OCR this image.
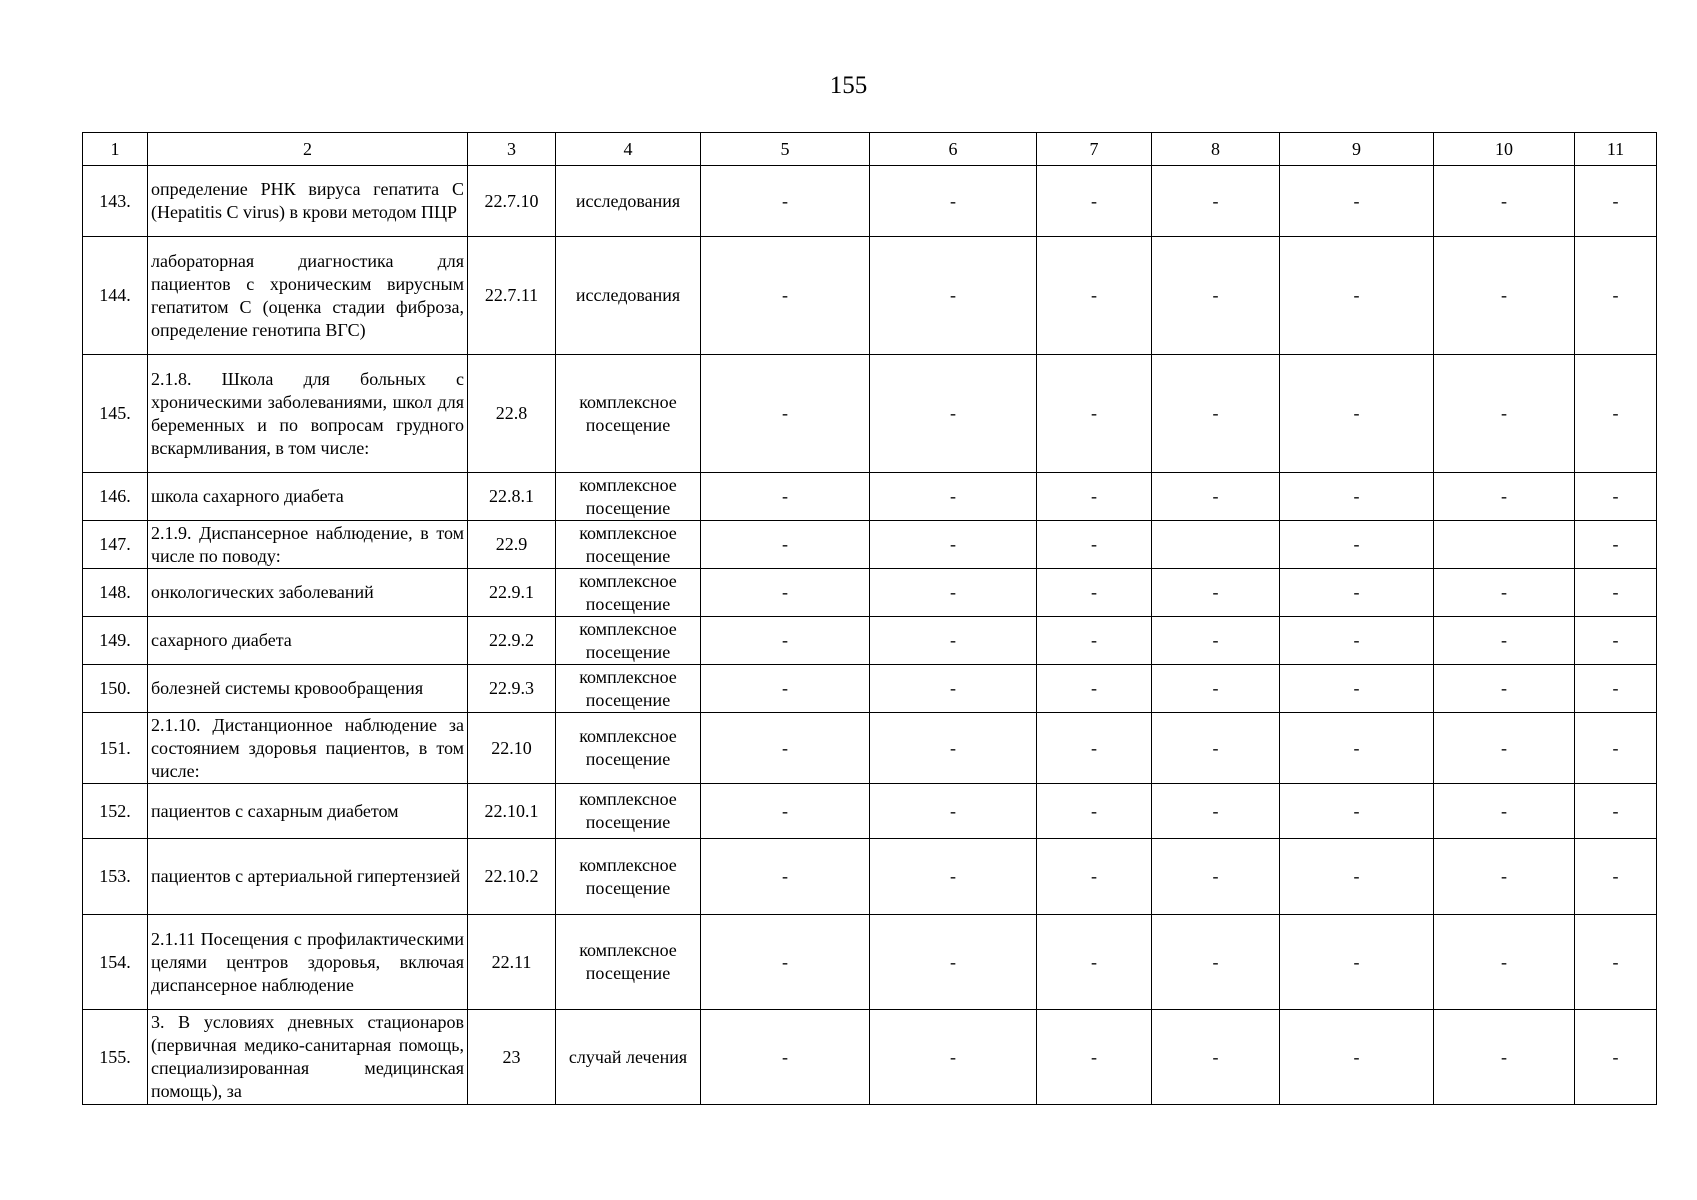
155
1	2	3	4	5	6	7	8	9	10	11
143.	определение РНК вируса гепатита С (Hepatitis C virus) в крови методом ПЦР	22.7.10	исследования	-	-	-	-	-	-	-
144.	лабораторная диагностика для пациентов с хроническим вирусным гепатитом С (оценка стадии фиброза, определение генотипа ВГС)	22.7.11	исследования	-	-	-	-	-	-	-
145.	2.1.8. Школа для больных с хроническими заболеваниями, школ для беременных и по вопросам грудного вскармливания, в том числе:	22.8	комплексное посещение	-	-	-	-	-	-	-
146.	школа сахарного диабета	22.8.1	комплексное посещение	-	-	-	-	-	-	-
147.	2.1.9. Диспансерное наблюдение, в том числе по поводу:	22.9	комплексное посещение	-	-	-		-		-
148.	онкологических заболеваний	22.9.1	комплексное посещение	-	-	-	-	-	-	-
149.	сахарного диабета	22.9.2	комплексное посещение	-	-	-	-	-	-	-
150.	болезней системы кровообращения	22.9.3	комплексное посещение	-	-	-	-	-	-	-
151.	2.1.10. Дистанционное наблюдение за состоянием здоровья пациентов, в том числе:	22.10	комплексное посещение	-	-	-	-	-	-	-
152.	пациентов с сахарным диабетом	22.10.1	комплексное посещение	-	-	-	-	-	-	-
153.	пациентов с артериальной гипертензией	22.10.2	комплексное посещение	-	-	-	-	-	-	-
154.	2.1.11 Посещения с профилактическими целями центров здоровья, включая диспансерное наблюдение	22.11	комплексное посещение	-	-	-	-	-	-	-
155.	3. В условиях дневных стационаров (первичная медико-санитарная помощь, специализированная медицинская помощь), за	23	случай лечения	-	-	-	-	-	-	-
